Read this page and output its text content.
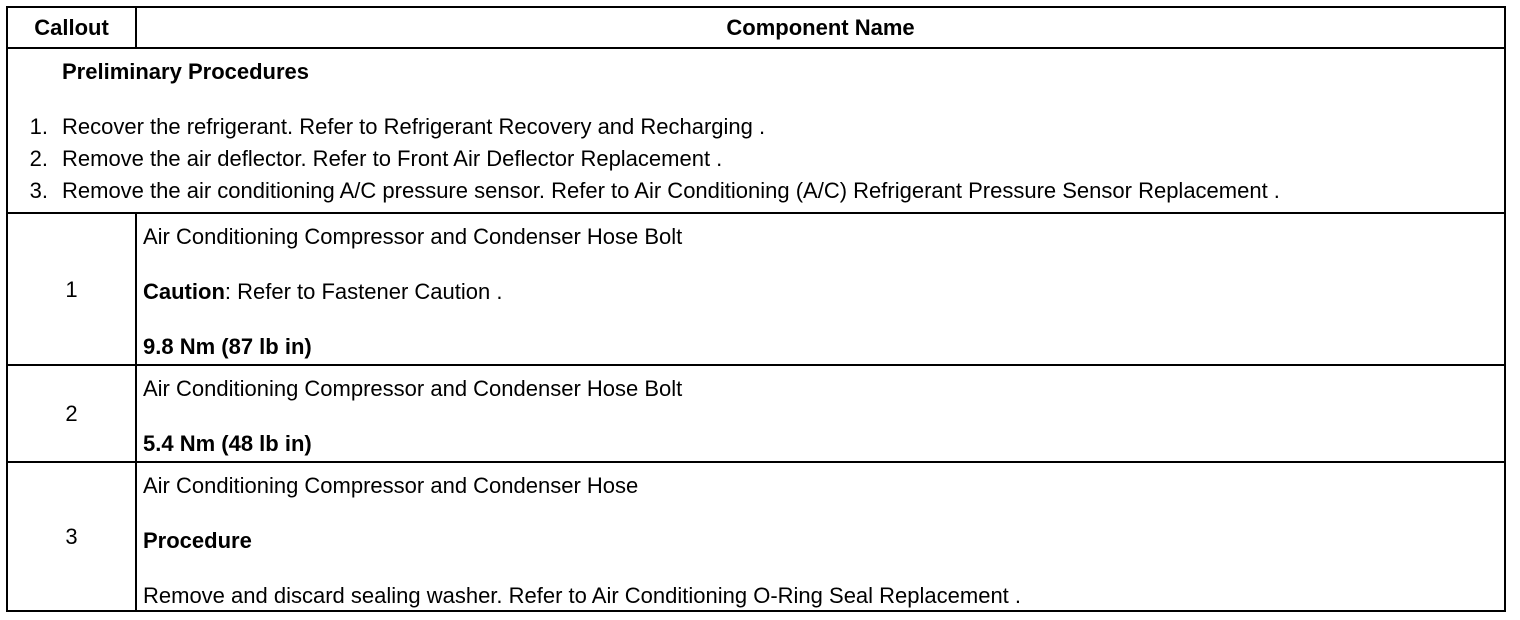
Callout	Component Name
Preliminary Procedures
1. Recover the refrigerant. Refer to Refrigerant Recovery and Recharging .
2. Remove the air deflector. Refer to Front Air Deflector Replacement .
3. Remove the air conditioning A/C pressure sensor. Refer to Air Conditioning (A/C) Refrigerant Pressure Sensor Replacement .
1
Air Conditioning Compressor and Condenser Hose Bolt
Caution: Refer to Fastener Caution .
9.8 Nm (87 lb in)
2
Air Conditioning Compressor and Condenser Hose Bolt
5.4 Nm (48 lb in)
3
Air Conditioning Compressor and Condenser Hose
Procedure
Remove and discard sealing washer. Refer to Air Conditioning O-Ring Seal Replacement .
